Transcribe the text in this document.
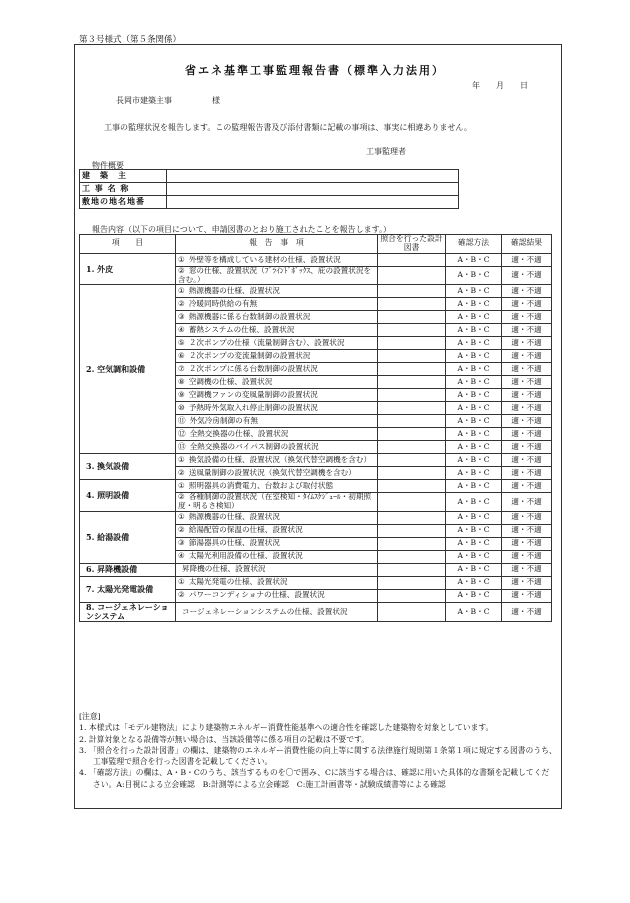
第３号様式（第５条関係）
省エネ基準工事監理報告書（標準入力法用）
年　　月　　日
長岡市建築主事	様
工事の監理状況を報告します。この監理報告書及び添付書類に記載の事項は、事実に相違ありません。
工事監理者
物件概要
建　築　主	
工 事 名 称	
敷地の地名地番	
報告内容（以下の項目について、申請図書のとおり施工されたことを報告します。）
項　　目	報　告　事　項	照合を行った設計図書	確認方法	確認結果
1. 外皮	① 外壁等を構成している建材の仕様、設置状況		A・B・C	適・不適
	② 窓の仕様、設置状況（ﾌﾞﾗｲﾝﾄﾞﾎﾞｯｸｽ、庇の設置状況を含む。）		A・B・C	適・不適
2. 空気調和設備	① 熱源機器の仕様、設置状況		A・B・C	適・不適
	② 冷暖同時供給の有無		A・B・C	適・不適
	③ 熱源機器に係る台数制御の設置状況		A・B・C	適・不適
	④ 蓄熱システムの仕様、設置状況		A・B・C	適・不適
	⑤ ２次ポンプの仕様（流量制御含む）、設置状況		A・B・C	適・不適
	⑥ ２次ポンプの変流量制御の設置状況		A・B・C	適・不適
	⑦ ２次ポンプに係る台数制御の設置状況		A・B・C	適・不適
	⑧ 空調機の仕様、設置状況		A・B・C	適・不適
	⑨ 空調機ファンの変風量制御の設置状況		A・B・C	適・不適
	⑩ 予熱時外気取入れ停止制御の設置状況		A・B・C	適・不適
	⑪ 外気冷房制御の有無		A・B・C	適・不適
	⑫ 全熱交換器の仕様、設置状況		A・B・C	適・不適
	⑬ 全熱交換器のバイパス制御の設置状況		A・B・C	適・不適
3. 換気設備	① 換気設備の仕様、設置状況（換気代替空調機を含む）		A・B・C	適・不適
	② 送風量制御の設置状況（換気代替空調機を含む）		A・B・C	適・不適
4. 照明設備	① 照明器具の消費電力、台数および取付状態		A・B・C	適・不適
	② 各種制御の設置状況（在室検知・ﾀｲﾑｽｹｼﾞｭｰﾙ・初期照度・明るさ検知）		A・B・C	適・不適
5. 給湯設備	① 熱源機器の仕様、設置状況		A・B・C	適・不適
	② 給湯配管の保温の仕様、設置状況		A・B・C	適・不適
	③ 節湯器具の仕様、設置状況		A・B・C	適・不適
	④ 太陽光利用設備の仕様、設置状況		A・B・C	適・不適
6. 昇降機設備	昇降機の仕様、設置状況		A・B・C	適・不適
7. 太陽光発電設備	① 太陽光発電の仕様、設置状況		A・B・C	適・不適
	② パワーコンディショナの仕様、設置状況		A・B・C	適・不適
8. コージェネレーションシステム	コージェネレーションシステムの仕様、設置状況		A・B・C	適・不適

[注意]

1. 本様式は「モデル建物法」により建築物エネルギー消費性能基準への適合性を確認した建築物を対象としています。

2. 計算対象となる設備等が無い場合は、当該設備等に係る項目の記載は不要です。

3. 「照合を行った設計図書」の欄は、建築物のエネルギー消費性能の向上等に関する法律施行規則第１条第１項に規定する図書のうち、工事監理で照合を行った図書を記載してください。

4. 「確認方法」の欄は、A・B・Cのうち、該当するものを〇で囲み、Cに該当する場合は、確認に用いた具体的な書類を記載してください。A:目視による立会確認　B:計測等による立会確認　C:施工計画書等・試験成績書等による確認
